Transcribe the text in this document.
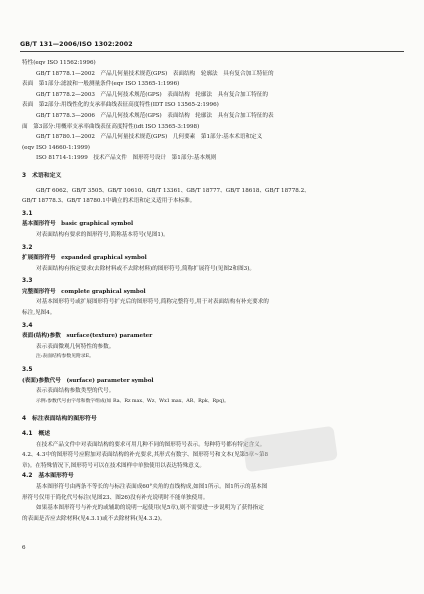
GB/T 131—2006/ISO 1302:2002
特性(eqv ISO 11562:1996)
GB/T 18778.1—2002　产品几何量技术规范(GPS)　表面结构　轮廓法　具有复合加工特征的
表面　第1部分:滤波和一般测量条件(eqv ISO 13565-1:1996)
GB/T 18778.2—2003　产品几何技术规范(GPS)　表面结构　轮廓法　具有复合加工特征的
表面　第2部分:用线性化的支承率曲线表征高度特性(IDT ISO 13565-2:1996)
GB/T 18778.3—2006　产品几何技术规范(GPS)　表面结构　轮廓法　具有复合加工特征的表
面　第3部分:用概率支承率曲线表征高度特性(idt ISO 13565-3:1998)
GB/T 18780.1—2002　产品几何量技术规范(GPS)　几何要素　第1部分:基本术语和定义
(eqv ISO 14660-1:1999)
ISO 81714-1:1999　技术产品文件　图形符号设计　第1部分:基本规则
3　术语和定义
GB/T 6062、GB/T 3505、GB/T 10610、GB/T 13361、GB/T 18777、GB/T 18618、GB/T 18778.2、
GB/T 18778.3、GB/T 18780.1中确立的术语和定义适用于本标准。
3.1
基本图形符号　basic graphical symbol
对表面结构有要求的图形符号,简称基本符号(见图1)。
3.2
扩展图形符号　expanded graphical symbol
对表面结构有指定要求(去除材料或不去除材料)的图形符号,简称扩展符号(见图2和图3)。
3.3
完整图形符号　complete graphical symbol
对基本图形符号或扩展图形符号扩充后的图形符号,简称完整符号,用于对表面结构有补充要求的
标注,见图4。
3.4
表面(结构)参数　surface(texture) parameter
表示表面微观几何特性的参数。
注:表面结构参数见附录E。
3.5
(表面)参数代号　(surface) parameter symbol
表示表面结构参数类型的代号。
示例:参数代号由字母和数字组成(如 Ra、Rz max、Wz、Wx1 max、AR、Rpk、Rpq)。
4　标注表面结构的图形符号
4.1　概述
在技术产品文件中对表面结构的要求可用几种不同的图形符号表示。每种符号都有特定含义。
4.2、4.3中的图形符号应附加对表面结构的补充要求,其形式有数字、图形符号和文本(见第5章~第8
章)。在特殊情况下,图形符号可以在技术图样中单独使用以表达特殊意义。
4.2　基本图形符号
基本图形符号由两条不等长的与标注表面成60°夹角的直线构成,如图1所示。图1所示的基本图
形符号仅用于简化代号标注(见图23、图26)没有补充说明时不能单独使用。
如果基本图形符号与补充的或辅助的说明一起使用(见5章),则不需要进一步说明为了获得指定
的表面是否应去除材料(见4.3.1)或不去除材料(见4.3.2)。
6
